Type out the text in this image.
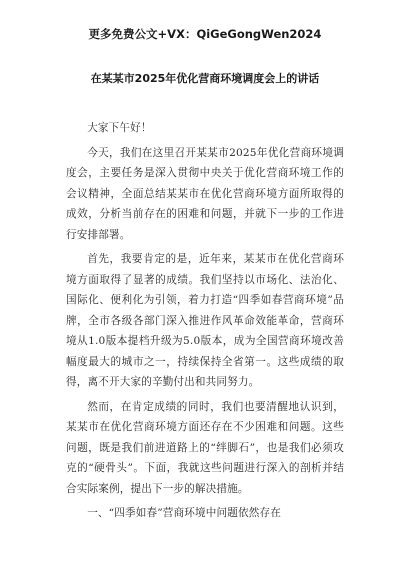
更多免费公文+VX：QiGeGongWen2024
在某某市2025年优化营商环境调度会上的讲话

大家下午好！

今天，我们在这里召开某某市2025年优化营商环境调度会，主要任务是深入贯彻中央关于优化营商环境工作的会议精神，全面总结某某市在优化营商环境方面所取得的成效，分析当前存在的困难和问题，并就下一步的工作进行安排部署。

首先，我要肯定的是，近年来，某某市在优化营商环境方面取得了显著的成绩。我们坚持以市场化、法治化、国际化、便利化为引领，着力打造“四季如春营商环境”品牌，全市各级各部门深入推进作风革命效能革命，营商环境从1.0版本提档升级为5.0版本，成为全国营商环境改善幅度最大的城市之一，持续保持全省第一。这些成绩的取得，离不开大家的辛勤付出和共同努力。

然而，在肯定成绩的同时，我们也要清醒地认识到，某某市在优化营商环境方面还存在不少困难和问题。这些问题，既是我们前进道路上的“绊脚石”，也是我们必须攻克的“硬骨头”。下面，我就这些问题进行深入的剖析并结合实际案例，提出下一步的解决措施。

一、“四季如春”营商环境中问题依然存在
